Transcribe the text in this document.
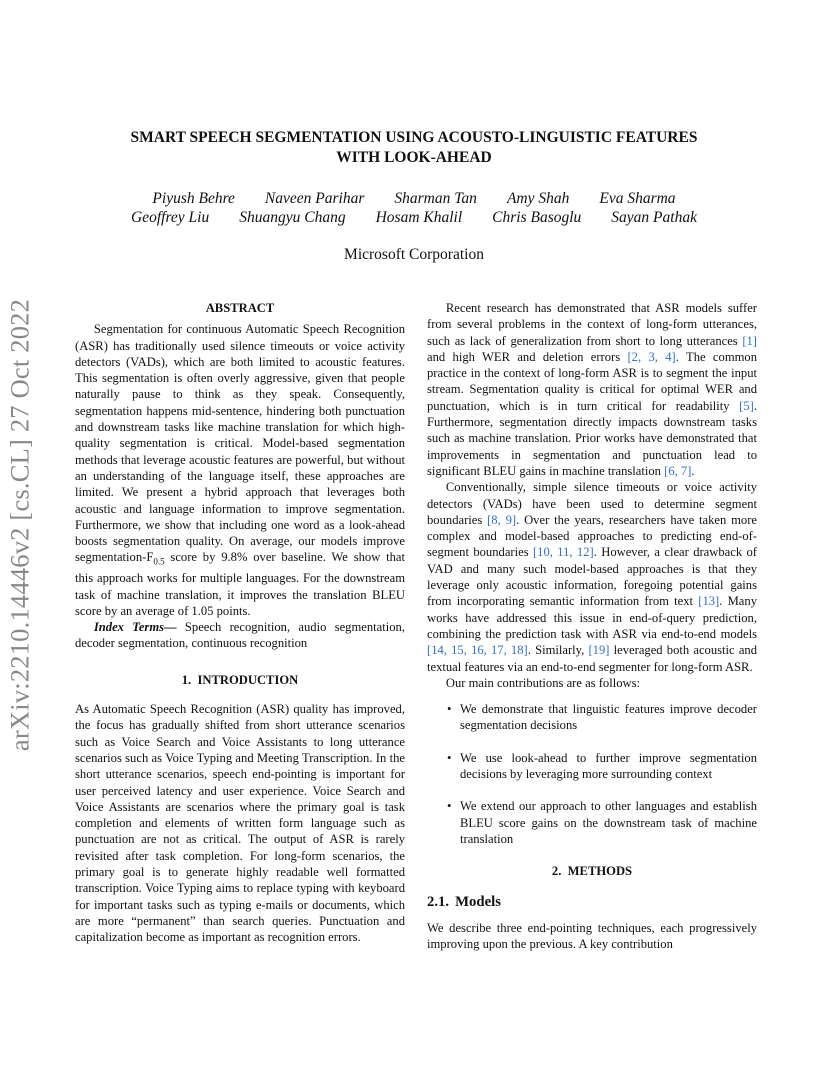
arXiv:2210.14446v2 [cs.CL] 27 Oct 2022
SMART SPEECH SEGMENTATION USING ACOUSTO-LINGUISTIC FEATURES
WITH LOOK-AHEAD
Piyush Behre Naveen Parihar Sharman Tan Amy Shah Eva Sharma
Geoffrey Liu Shuangyu Chang Hosam Khalil Chris Basoglu Sayan Pathak
Microsoft Corporation
ABSTRACT

Segmentation for continuous Automatic Speech Recognition (ASR) has traditionally used silence timeouts or voice activity detectors (VADs), which are both limited to acoustic features. This segmentation is often overly aggressive, given that people naturally pause to think as they speak. Consequently, segmentation happens mid-sentence, hindering both punctuation and downstream tasks like machine translation for which high-quality segmentation is critical. Model-based segmentation methods that leverage acoustic features are powerful, but without an understanding of the language itself, these approaches are limited. We present a hybrid approach that leverages both acoustic and language information to improve segmentation. Furthermore, we show that including one word as a look-ahead boosts segmentation quality. On average, our models improve segmentation-$F_{0.5}$ score by 9.8% over baseline. We show that this approach works for multiple languages. For the downstream task of machine translation, it improves the translation BLEU score by an average of 1.05 points.

Index Terms— Speech recognition, audio segmentation, decoder segmentation, continuous recognition

1. INTRODUCTION

As Automatic Speech Recognition (ASR) quality has improved, the focus has gradually shifted from short utterance scenarios such as Voice Search and Voice Assistants to long utterance scenarios such as Voice Typing and Meeting Transcription. In the short utterance scenarios, speech end-pointing is important for user perceived latency and user experience. Voice Search and Voice Assistants are scenarios where the primary goal is task completion and elements of written form language such as punctuation are not as critical. The output of ASR is rarely revisited after task completion. For long-form scenarios, the primary goal is to generate highly readable well formatted transcription. Voice Typing aims to replace typing with keyboard for important tasks such as typing e-mails or documents, which are more “permanent” than search queries. Punctuation and capitalization become as important as recognition errors.

Recent research has demonstrated that ASR models suffer from several problems in the context of long-form utterances, such as lack of generalization from short to long utterances [1] and high WER and deletion errors [2, 3, 4]. The common practice in the context of long-form ASR is to segment the input stream. Segmentation quality is critical for optimal WER and punctuation, which is in turn critical for readability [5]. Furthermore, segmentation directly impacts downstream tasks such as machine translation. Prior works have demonstrated that improvements in segmentation and punctuation lead to significant BLEU gains in machine translation [6, 7].

Conventionally, simple silence timeouts or voice activity detectors (VADs) have been used to determine segment boundaries [8, 9]. Over the years, researchers have taken more complex and model-based approaches to predicting end-of-segment boundaries [10, 11, 12]. However, a clear drawback of VAD and many such model-based approaches is that they leverage only acoustic information, foregoing potential gains from incorporating semantic information from text [13]. Many works have addressed this issue in end-of-query prediction, combining the prediction task with ASR via end-to-end models [14, 15, 16, 17, 18]. Similarly, [19] leveraged both acoustic and textual features via an end-to-end segmenter for long-form ASR.

Our main contributions are as follows:

• We demonstrate that linguistic features improve decoder segmentation decisions
• We use look-ahead to further improve segmentation decisions by leveraging more surrounding context
• We extend our approach to other languages and establish BLEU score gains on the downstream task of machine translation
2. METHODS
2.1. Models

We describe three end-pointing techniques, each progressively improving upon the previous. A key contribution
